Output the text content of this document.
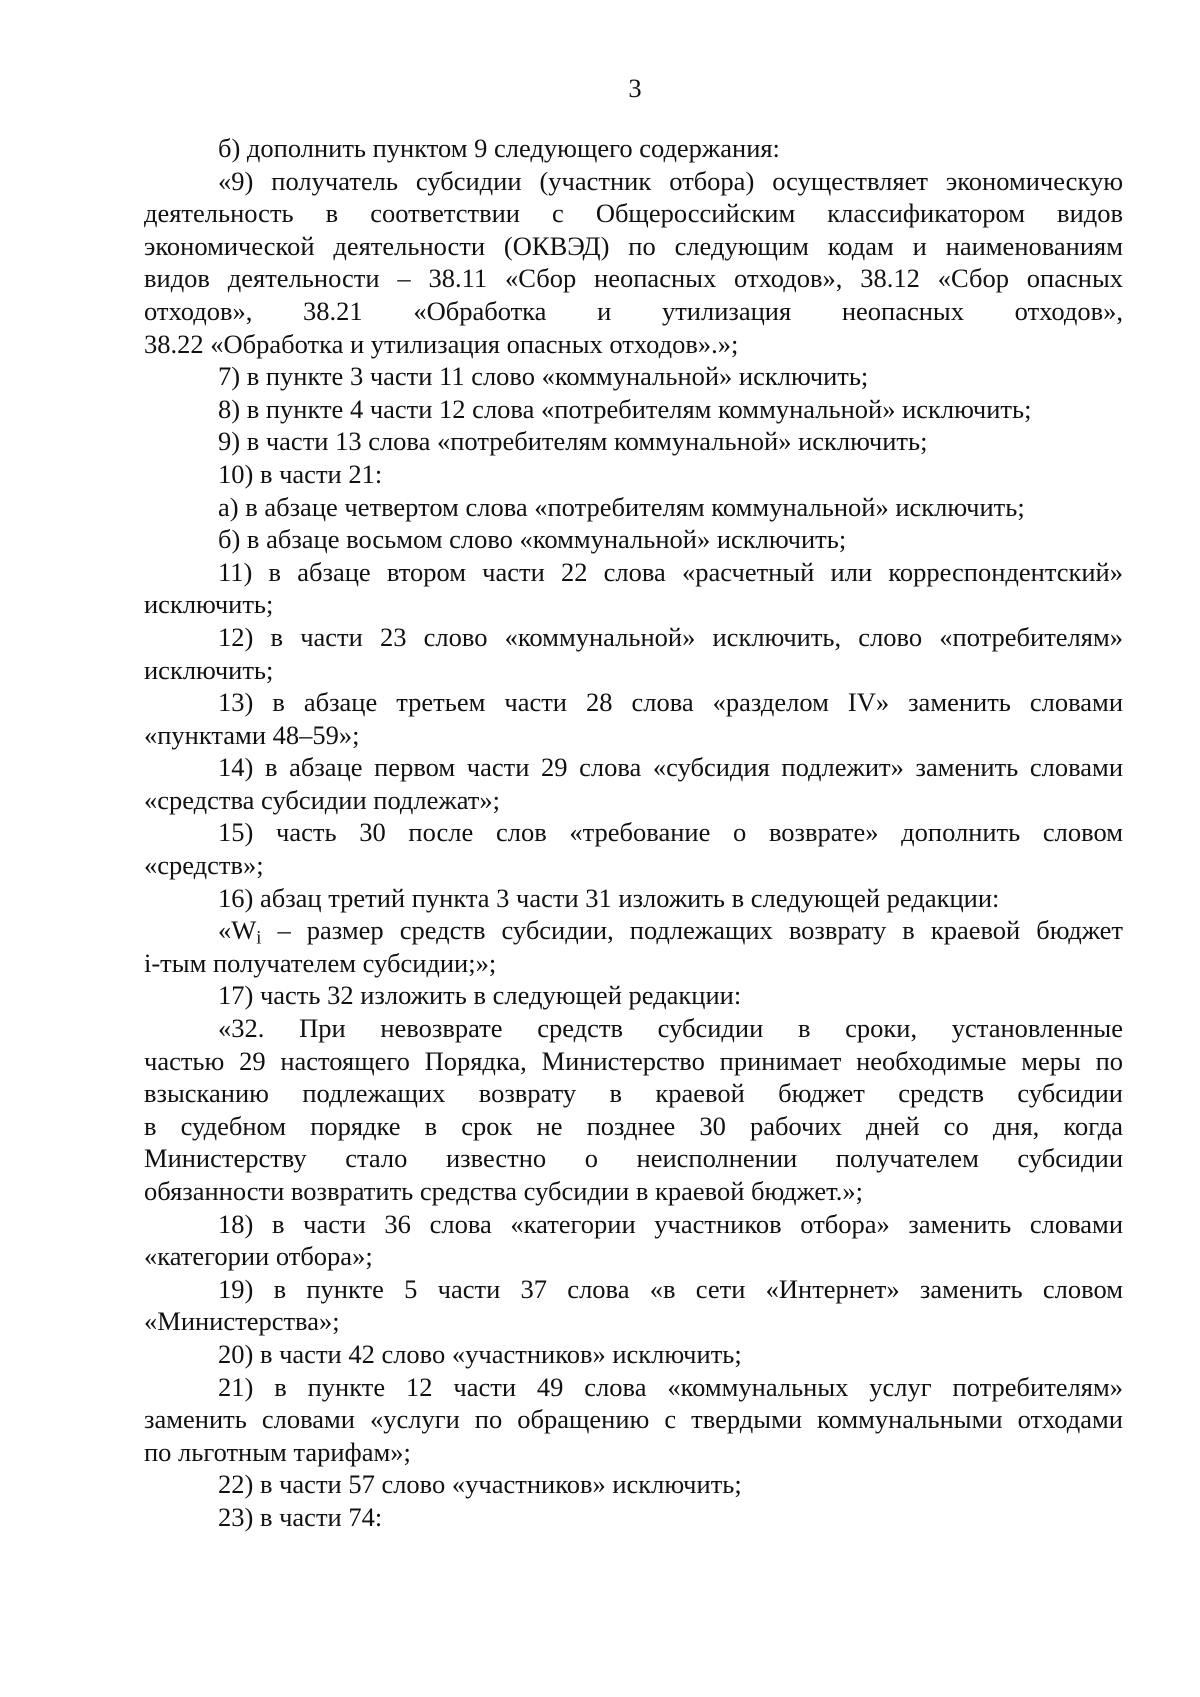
3
б) дополнить пунктом 9 следующего содержания:
«9) получатель субсидии (участник отбора) осуществляет экономическую
деятельность в соответствии с Общероссийским классификатором видов
экономической деятельности (ОКВЭД) по следующим кодам и наименованиям
видов деятельности – 38.11 «Сбор неопасных отходов», 38.12 «Сбор опасных
отходов», 38.21 «Обработка и утилизация неопасных отходов»,
38.22 «Обработка и утилизация опасных отходов».»;
7) в пункте 3 части 11 слово «коммунальной» исключить;
8) в пункте 4 части 12 слова «потребителям коммунальной» исключить;
9) в части 13 слова «потребителям коммунальной» исключить;
10) в части 21:
а) в абзаце четвертом слова «потребителям коммунальной» исключить;
б) в абзаце восьмом слово «коммунальной» исключить;
11) в абзаце втором части 22 слова «расчетный или корреспондентский»
исключить;
12) в части 23 слово «коммунальной» исключить, слово «потребителям»
исключить;
13) в абзаце третьем части 28 слова «разделом IV» заменить словами
«пунктами 48–59»;
14) в абзаце первом части 29 слова «субсидия подлежит» заменить словами
«средства субсидии подлежат»;
15) часть 30 после слов «требование о возврате» дополнить словом
«средств»;
16) абзац третий пункта 3 части 31 изложить в следующей редакции:
«$W_i$ – размер средств субсидии, подлежащих возврату в краевой бюджет
i-тым получателем субсидии;»;
17) часть 32 изложить в следующей редакции:
«32. При невозврате средств субсидии в сроки, установленные
частью 29 настоящего Порядка, Министерство принимает необходимые меры по
взысканию подлежащих возврату в краевой бюджет средств субсидии
в судебном порядке в срок не позднее 30 рабочих дней со дня, когда
Министерству стало известно о неисполнении получателем субсидии
обязанности возвратить средства субсидии в краевой бюджет.»;
18) в части 36 слова «категории участников отбора» заменить словами
«категории отбора»;
19) в пункте 5 части 37 слова «в сети «Интернет» заменить словом
«Министерства»;
20) в части 42 слово «участников» исключить;
21) в пункте 12 части 49 слова «коммунальных услуг потребителям»
заменить словами «услуги по обращению с твердыми коммунальными отходами
по льготным тарифам»;
22) в части 57 слово «участников» исключить;
23) в части 74:
